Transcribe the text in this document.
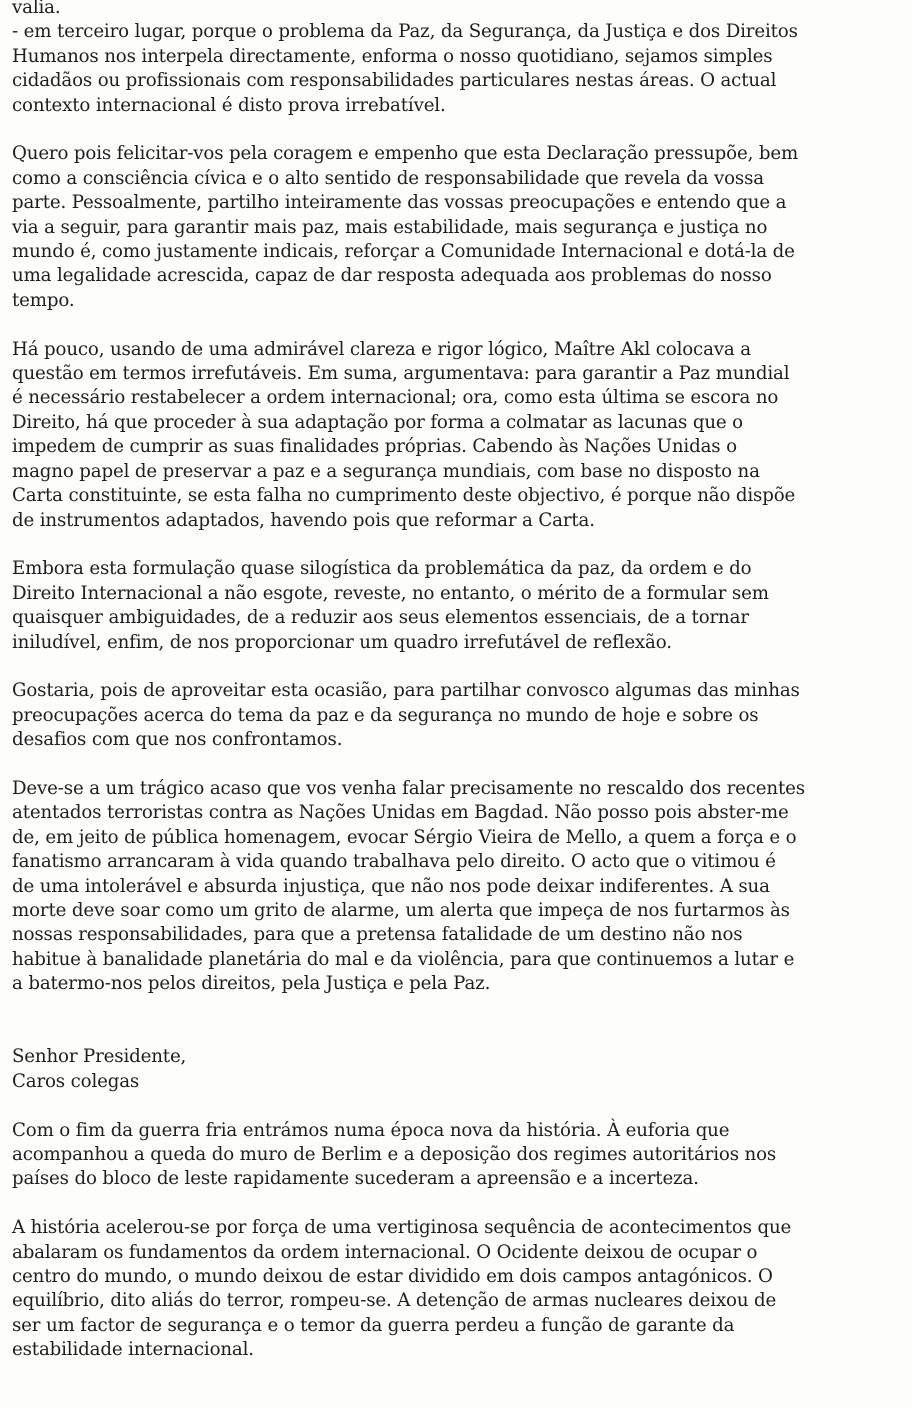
valia.
- em terceiro lugar, porque o problema da Paz, da Segurança, da Justiça e dos Direitos
Humanos nos interpela directamente, enforma o nosso quotidiano, sejamos simples
cidadãos ou profissionais com responsabilidades particulares nestas áreas. O actual
contexto internacional é disto prova irrebatível.
Quero pois felicitar-vos pela coragem e empenho que esta Declaração pressupõe, bem
como a consciência cívica e o alto sentido de responsabilidade que revela da vossa
parte. Pessoalmente, partilho inteiramente das vossas preocupações e entendo que a
via a seguir, para garantir mais paz, mais estabilidade, mais segurança e justiça no
mundo é, como justamente indicais, reforçar a Comunidade Internacional e dotá-la de
uma legalidade acrescida, capaz de dar resposta adequada aos problemas do nosso
tempo.
Há pouco, usando de uma admirável clareza e rigor lógico, Maître Akl colocava a
questão em termos irrefutáveis. Em suma, argumentava: para garantir a Paz mundial
é necessário restabelecer a ordem internacional; ora, como esta última se escora no
Direito, há que proceder à sua adaptação por forma a colmatar as lacunas que o
impedem de cumprir as suas finalidades próprias. Cabendo às Nações Unidas o
magno papel de preservar a paz e a segurança mundiais, com base no disposto na
Carta constituinte, se esta falha no cumprimento deste objectivo, é porque não dispõe
de instrumentos adaptados, havendo pois que reformar a Carta.
Embora esta formulação quase silogística da problemática da paz, da ordem e do
Direito Internacional a não esgote, reveste, no entanto, o mérito de a formular sem
quaisquer ambiguidades, de a reduzir aos seus elementos essenciais, de a tornar
iniludível, enfim, de nos proporcionar um quadro irrefutável de reflexão.
Gostaria, pois de aproveitar esta ocasião, para partilhar convosco algumas das minhas
preocupações acerca do tema da paz e da segurança no mundo de hoje e sobre os
desafios com que nos confrontamos.
Deve-se a um trágico acaso que vos venha falar precisamente no rescaldo dos recentes
atentados terroristas contra as Nações Unidas em Bagdad. Não posso pois abster-me
de, em jeito de pública homenagem, evocar Sérgio Vieira de Mello, a quem a força e o
fanatismo arrancaram à vida quando trabalhava pelo direito. O acto que o vitimou é
de uma intolerável e absurda injustiça, que não nos pode deixar indiferentes. A sua
morte deve soar como um grito de alarme, um alerta que impeça de nos furtarmos às
nossas responsabilidades, para que a pretensa fatalidade de um destino não nos
habitue à banalidade planetária do mal e da violência, para que continuemos a lutar e
a batermo-nos pelos direitos, pela Justiça e pela Paz.
Senhor Presidente,
Caros colegas
Com o fim da guerra fria entrámos numa época nova da história. À euforia que
acompanhou a queda do muro de Berlim e a deposição dos regimes autoritários nos
países do bloco de leste rapidamente sucederam a apreensão e a incerteza.
A história acelerou-se por força de uma vertiginosa sequência de acontecimentos que
abalaram os fundamentos da ordem internacional. O Ocidente deixou de ocupar o
centro do mundo, o mundo deixou de estar dividido em dois campos antagónicos. O
equilíbrio, dito aliás do terror, rompeu-se. A detenção de armas nucleares deixou de
ser um factor de segurança e o temor da guerra perdeu a função de garante da
estabilidade internacional.
